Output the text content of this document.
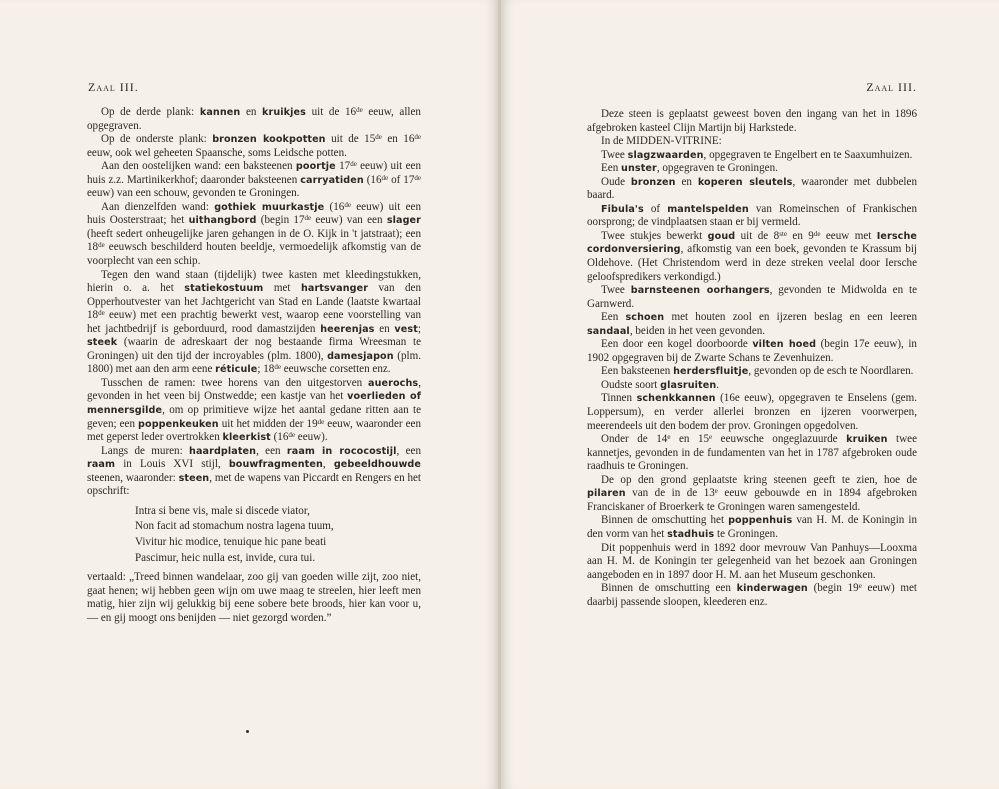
Zaal III.
Op de derde plank: kannen en kruikjes uit de 16de eeuw, allen opgegraven.
Op de onderste plank: bronzen kookpotten uit de 15de en 16de eeuw, ook wel geheeten Spaansche, soms Leidsche potten.
Aan den oostelijken wand: een baksteenen poortje 17de eeuw) uit een huis z.z. Martinikerkhof; daaronder baksteenen carryatiden (16de of 17de eeuw) van een schouw, gevonden te Groningen.
Aan dienzelfden wand: gothiek muurkastje (16de eeuw) uit een huis Oosterstraat; het uithangbord (begin 17de eeuw) van een slager (heeft sedert onheugelijke jaren gehangen in de O. Kijk in 't jatstraat); een 18de eeuwsch beschilderd houten beeldje, vermoedelijk afkomstig van de voorplecht van een schip.
Tegen den wand staan (tijdelijk) twee kasten met kleedingstukken, hierin o. a. het statiekostuum met hartsvanger van den Opperhoutvester van het Jachtgericht van Stad en Lande (laatste kwartaal 18de eeuw) met een prachtig bewerkt vest, waarop eene voorstelling van het jachtbedrijf is geborduurd, rood damastzijden heerenjas en vest; steek (waarin de adreskaart der nog bestaande firma Wreesman te Groningen) uit den tijd der incroyables (plm. 1800), damesjapon (plm. 1800) met aan den arm eene réticule; 18de eeuwsche corsetten enz.
Tusschen de ramen: twee horens van den uitgestorven auerochs, gevonden in het veen bij Onstwedde; een kastje van het voerlieden of mennersgilde, om op primitieve wijze het aantal gedane ritten aan te geven; een poppenkeuken uit het midden der 19de eeuw, waaronder een met geperst leder overtrokken kleerkist (16de eeuw).
Langs de muren: haardplaten, een raam in rococostijl, een raam in Louis XVI stijl, bouwfragmenten, gebeeldhouwde steenen, waaronder: steen, met de wapens van Piccardt en Rengers en het opschrift:
Intra si bene vis, male si discede viator,
Non facit ad stomachum nostra lagena tuum,
Vivitur hic modice, tenuique hic pane beati
Pascimur, heic nulla est, invide, cura tui.
vertaald: „Treed binnen wandelaar, zoo gij van goeden wille zijt, zoo niet, gaat henen; wij hebben geen wijn om uwe maag te streelen, hier leeft men matig, hier zijn wij gelukkig bij eene sobere bete broods, hier kan voor u, — en gij moogt ons benijden — niet gezorgd worden.”
Zaal III.
Deze steen is geplaatst geweest boven den ingang van het in 1896 afgebroken kasteel Clijn Martijn bij Harkstede.
In de MIDDEN-VITRINE:
Twee slagzwaarden, opgegraven te Engelbert en te Saaxumhuizen.
Een unster, opgegraven te Groningen.
Oude bronzen en koperen sleutels, waaronder met dubbelen baard.
Fibula's of mantelspelden van Romeinschen of Frankischen oorsprong; de vindplaatsen staan er bij vermeld.
Twee stukjes bewerkt goud uit de 8ste en 9de eeuw met Iersche cordonversiering, afkomstig van een boek, gevonden te Krassum bij Oldehove. (Het Christendom werd in deze streken veelal door Iersche geloofspredikers verkondigd.)
Twee barnsteenen oorhangers, gevonden te Midwolda en te Garnwerd.
Een schoen met houten zool en ijzeren beslag en een leeren sandaal, beiden in het veen gevonden.
Een door een kogel doorboorde vilten hoed (begin 17e eeuw), in 1902 opgegraven bij de Zwarte Schans te Zevenhuizen.
Een baksteenen herdersfluitje, gevonden op de esch te Noordlaren.
Oudste soort glasruiten.
Tinnen schenkkannen (16e eeuw), opgegraven te Enselens (gem. Loppersum), en verder allerlei bronzen en ijzeren voorwerpen, meerendeels uit den bodem der prov. Groningen opgedolven.
Onder de 14e en 15e eeuwsche ongeglazuurde kruiken twee kannetjes, gevonden in de fundamenten van het in 1787 afgebroken oude raadhuis te Groningen.
De op den grond geplaatste kring steenen geeft te zien, hoe de pilaren van de in de 13e eeuw gebouwde en in 1894 afgebroken Franciskaner of Broerkerk te Groningen waren samengesteld.
Binnen de omschutting het poppenhuis van H. M. de Koningin in den vorm van het stadhuis te Groningen.
Dit poppenhuis werd in 1892 door mevrouw Van Panhuys—Looxma aan H. M. de Koningin ter gelegenheid van het bezoek aan Groningen aangeboden en in 1897 door H. M. aan het Museum geschonken.
Binnen de omschutting een kinderwagen (begin 19e eeuw) met daarbij passende sloopen, kleederen enz.
